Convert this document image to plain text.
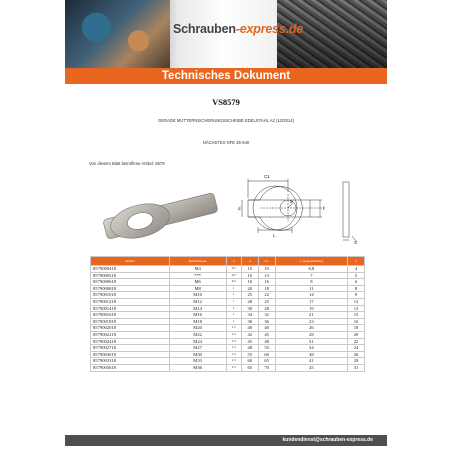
Schrauben-express.de
Technisches Dokument
VS8579
GERADE MUTTERNSICHERUNGSSCHEIBE EDELSTAHL A2 (12/2014)
NÄCHSTES NFE 25-540
Von diesem Blatt betroffene Artikel: 8579
C1
ø
d	f
L
S
Artikel	Durchmesser	S	d	C1	L (Lappenbreite)	f
8579000418	M4	0,5	10	10	6,8	4
8579000518	***	0,5	10	13	7	5
8579000618	M6	0,5	16	16	8	6
8579000818	M8	1	20	18	11	8
8579001018	M10	1	25	22	14	9
8579001218	M12	1	28	25	17	12
8579001418	M14	1	30	28	19	13
8579001618	M16	1	34	32	21	15
8579001818	M18	1	36	36	23	16
8579002018	M20	1,5	40	40	26	18
8579002218	M22	1,5	42	45	28	20
8579002418	M24	1,5	45	48	31	22
8579002718	M27	1,5	48	55	34	24
8579003018	M30	1,5	55	60	38	26
8579003318	M33	1,5	60	65	41	29
8579003618	M36	1,5	65	70	45	31
kundendienst@schrauben-express.de
